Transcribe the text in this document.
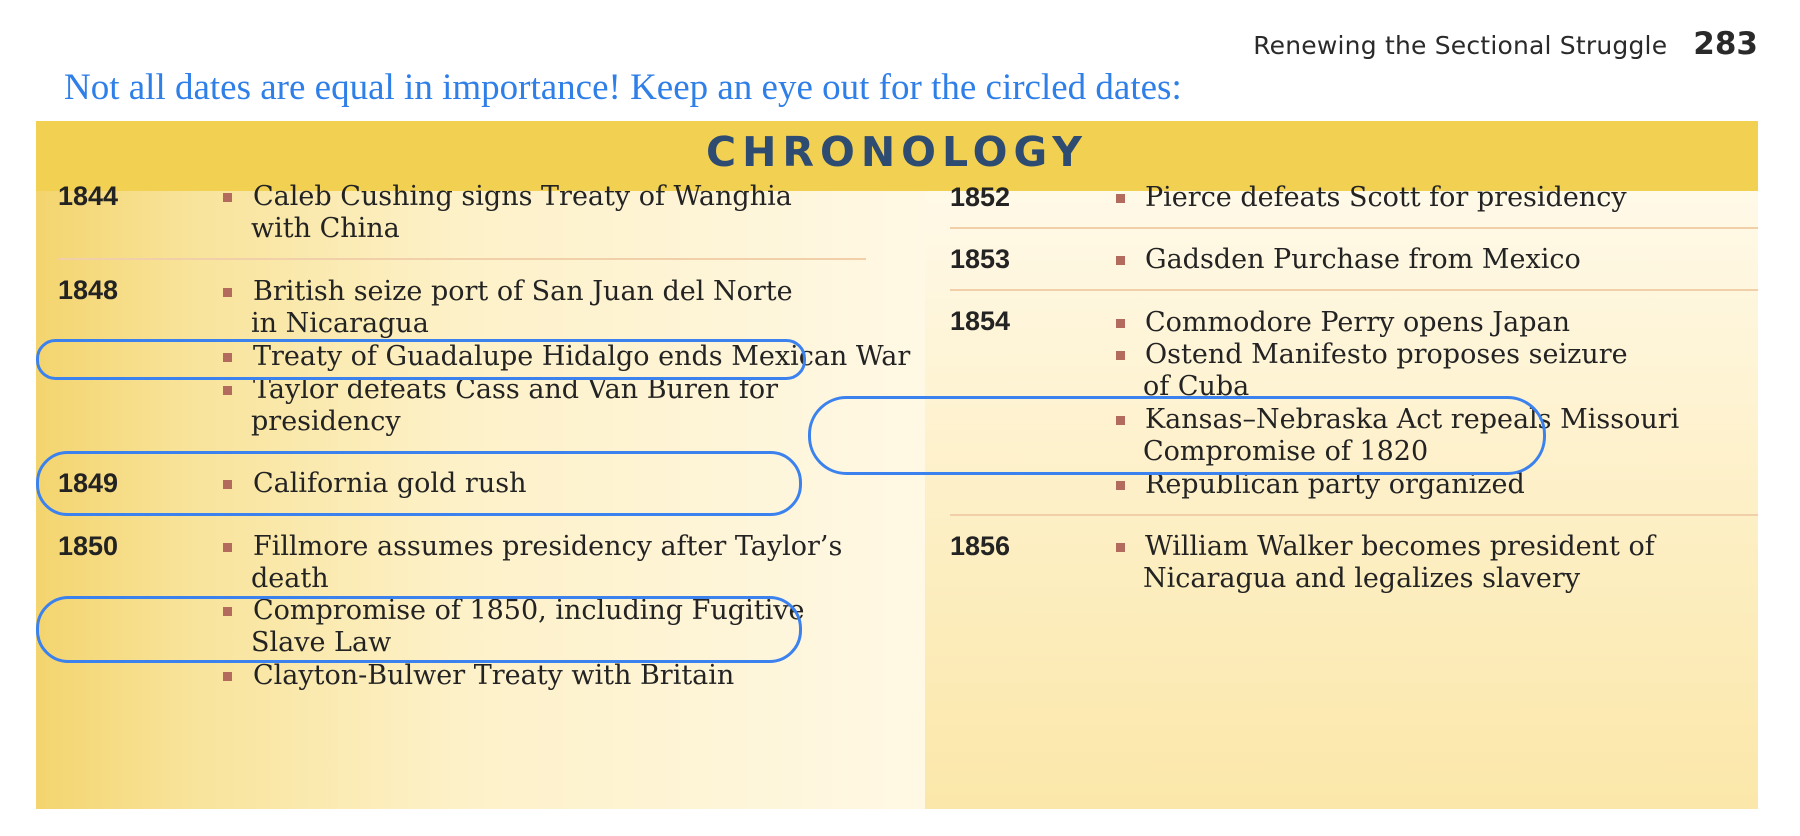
Renewing the Sectional Struggle 283
Not all dates are equal in importance! Keep an eye out for the circled dates:
CHRONOLOGY
1844	Caleb Cushing signs Treaty of Wanghia
with China
1848	British seize port of San Juan del Norte
in Nicaragua
Treaty of Guadalupe Hidalgo ends Mexican War
Taylor defeats Cass and Van Buren for
presidency
1849	California gold rush
1850	Fillmore assumes presidency after Taylor’s
death
Compromise of 1850, including Fugitive
Slave Law
Clayton-Bulwer Treaty with Britain
1852	Pierce defeats Scott for presidency
1853	Gadsden Purchase from Mexico
1854	Commodore Perry opens Japan
Ostend Manifesto proposes seizure
of Cuba
Kansas–Nebraska Act repeals Missouri
Compromise of 1820
Republican party organized
1856	William Walker becomes president of
Nicaragua and legalizes slavery
